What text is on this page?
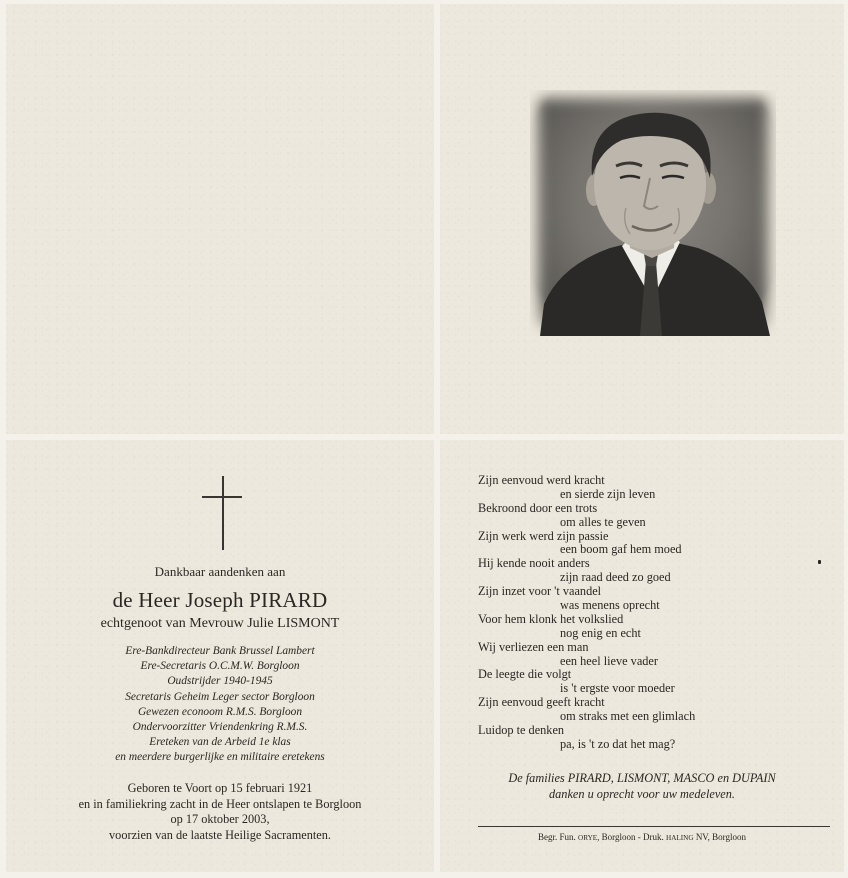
Dankbaar aandenken aan
de Heer Joseph PIRARD
echtgenoot van Mevrouw Julie LISMONT
Ere-Bankdirecteur Bank Brussel Lambert
Ere-Secretaris O.C.M.W. Borgloon
Oudstrijder 1940-1945
Secretaris Geheim Leger sector Borgloon
Gewezen econoom R.M.S. Borgloon
Ondervoorzitter Vriendenkring R.M.S.
Ereteken van de Arbeid 1e klas
en meerdere burgerlijke en militaire eretekens
Geboren te Voort op 15 februari 1921
en in familiekring zacht in de Heer ontslapen te Borgloon
op 17 oktober 2003,
voorzien van de laatste Heilige Sacramenten.
Zijn eenvoud werd kracht
en sierde zijn leven
Bekroond door een trots
om alles te geven
Zijn werk werd zijn passie
een boom gaf hem moed
Hij kende nooit anders
zijn raad deed zo goed
Zijn inzet voor 't vaandel
was menens oprecht
Voor hem klonk het volkslied
nog enig en echt
Wij verliezen een man
een heel lieve vader
De leegte die volgt
is 't ergste voor moeder
Zijn eenvoud geeft kracht
om straks met een glimlach
Luidop te denken
pa, is 't zo dat het mag?
De families PIRARD, LISMONT, MASCO en DUPAIN
danken u oprecht voor uw medeleven.
Begr. Fun. ORYE, Borgloon - Druk. HALING NV, Borgloon
